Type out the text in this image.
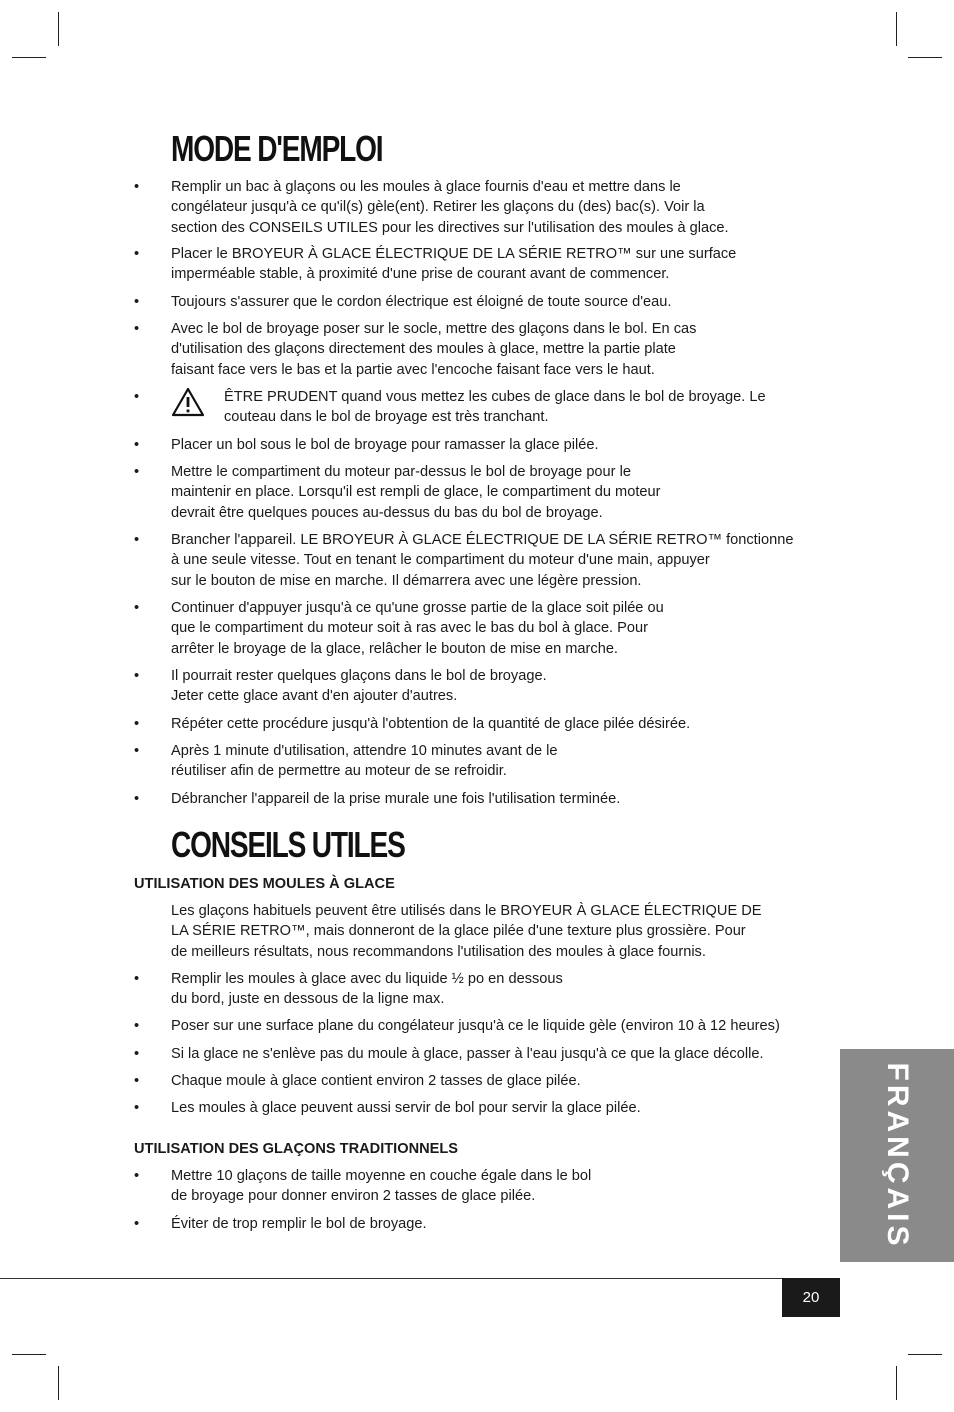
MODE D'EMPLOI
•	Remplir un bac à glaçons ou les moules à glace fournis d'eau et mettre dans le
congélateur jusqu'à ce qu'il(s) gèle(ent). Retirer les glaçons du (des) bac(s). Voir la
section des CONSEILS UTILES pour les directives sur l'utilisation des moules à glace.
•	Placer le BROYEUR À GLACE ÉLECTRIQUE DE LA SÉRIE RETRO™ sur une surface
imperméable stable, à proximité d'une prise de courant avant de commencer.
•	Toujours s'assurer que le cordon électrique est éloigné de toute source d'eau.
•	Avec le bol de broyage poser sur le socle, mettre des glaçons dans le bol. En cas
d'utilisation des glaçons directement des moules à glace, mettre la partie plate
faisant face vers le bas et la partie avec l'encoche faisant face vers le haut.
•	ÊTRE PRUDENT quand vous mettez les cubes de glace dans le bol de broyage. Le
couteau dans le bol de broyage est très tranchant.
•	Placer un bol sous le bol de broyage pour ramasser la glace pilée.
•	Mettre le compartiment du moteur par-dessus le bol de broyage pour le
maintenir en place. Lorsqu'il est rempli de glace, le compartiment du moteur
devrait être quelques pouces au-dessus du bas du bol de broyage.
•	Brancher l'appareil. LE BROYEUR À GLACE ÉLECTRIQUE DE LA SÉRIE RETRO™ fonctionne
à une seule vitesse. Tout en tenant le compartiment du moteur d'une main, appuyer
sur le bouton de mise en marche. Il démarrera avec une légère pression.
•	Continuer d'appuyer jusqu'à ce qu'une grosse partie de la glace soit pilée ou
que le compartiment du moteur soit à ras avec le bas du bol à glace. Pour
arrêter le broyage de la glace, relâcher le bouton de mise en marche.
•	Il pourrait rester quelques glaçons dans le bol de broyage.
Jeter cette glace avant d'en ajouter d'autres.
•	Répéter cette procédure jusqu'à l'obtention de la quantité de glace pilée désirée.
•	Après 1 minute d'utilisation, attendre 10 minutes avant de le
réutiliser afin de permettre au moteur de se refroidir.
•	Débrancher l'appareil de la prise murale une fois l'utilisation terminée.
CONSEILS UTILES
UTILISATION DES MOULES À GLACE
Les glaçons habituels peuvent être utilisés dans le BROYEUR À GLACE ÉLECTRIQUE DE
LA SÉRIE RETRO™, mais donneront de la glace pilée d'une texture plus grossière. Pour
de meilleurs résultats, nous recommandons l'utilisation des moules à glace fournis.
•	Remplir les moules à glace avec du liquide ½ po en dessous
du bord, juste en dessous de la ligne max.
•	Poser sur une surface plane du congélateur jusqu'à ce le liquide gèle (environ 10 à 12 heures)
•	Si la glace ne s'enlève pas du moule à glace, passer à l'eau jusqu'à ce que la glace décolle.
•	Chaque moule à glace contient environ 2 tasses de glace pilée.
•	Les moules à glace peuvent aussi servir de bol pour servir la glace pilée.
UTILISATION DES GLAÇONS TRADITIONNELS
•	Mettre 10 glaçons de taille moyenne en couche égale dans le bol
de broyage pour donner environ 2 tasses de glace pilée.
•	Éviter de trop remplir le bol de broyage.	FRANÇAIS
20
